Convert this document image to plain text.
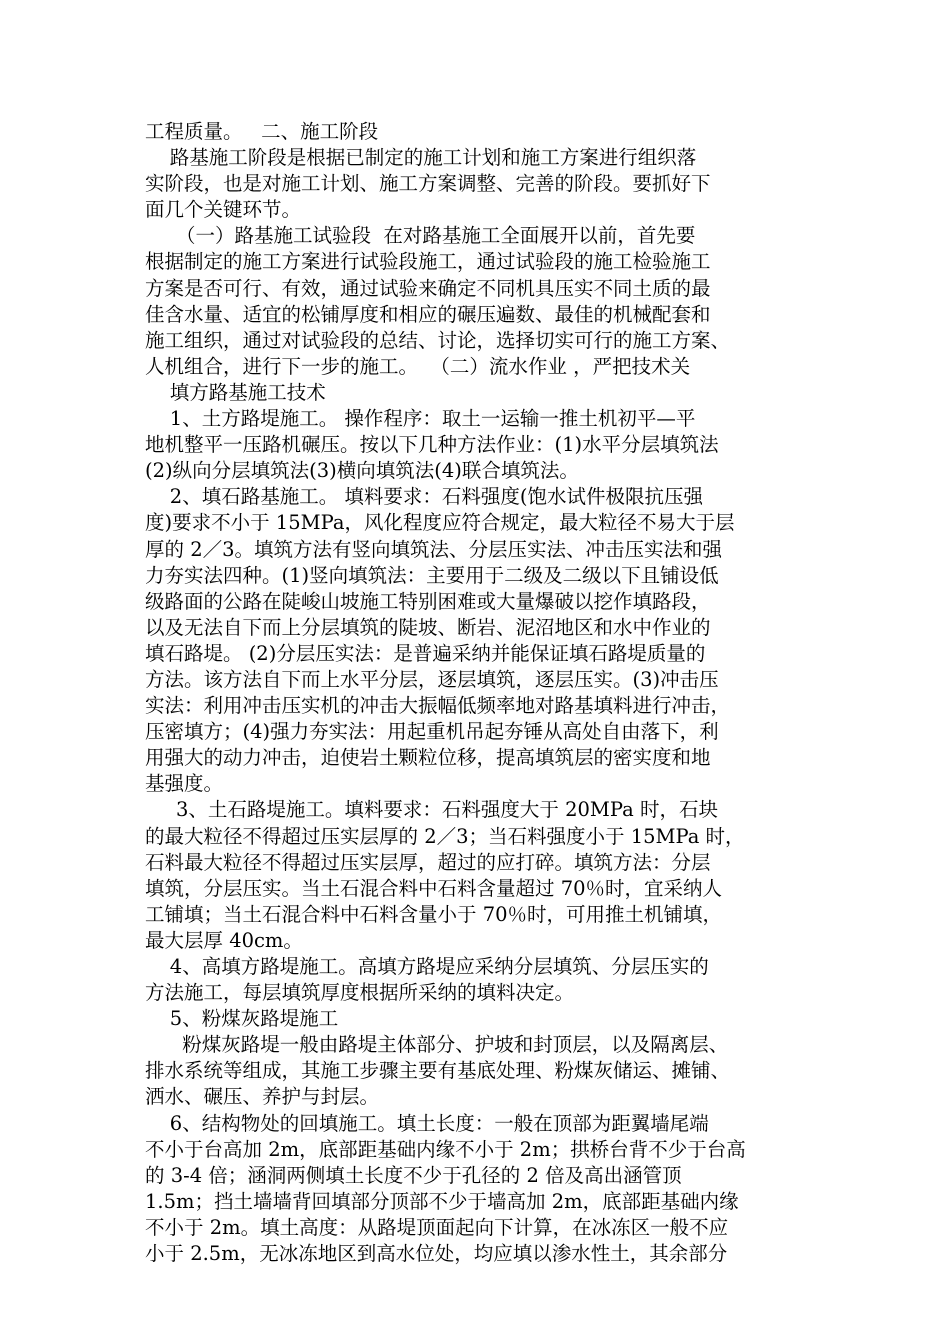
工程质量。   二、施工阶段
路基施工阶段是根据已制定的施工计划和施工方案进行组织落
实阶段，也是对施工计划、施工方案调整、完善的阶段。要抓好下
面几个关键环节。
（一）路基施工试验段  在对路基施工全面展开以前，首先要
根据制定的施工方案进行试验段施工，通过试验段的施工检验施工
方案是否可行、有效，通过试验来确定不同机具压实不同土质的最
佳含水量、适宜的松铺厚度和相应的碾压遍数、最佳的机械配套和
施工组织，通过对试验段的总结、讨论，选择切实可行的施工方案、
人机组合，进行下一步的施工。  （二）流水作业 ，严把技术关
填方路基施工技术
1、土方路堤施工。 操作程序：取土一运输一推土机初平—平
地机整平一压路机碾压。按以下几种方法作业：(1)水平分层填筑法
(2)纵向分层填筑法(3)横向填筑法(4)联合填筑法。
2、填石路基施工。 填料要求：石料强度(饱水试件极限抗压强
度)要求不小于 15MPa，风化程度应符合规定，最大粒径不易大于层
厚的 2／3。填筑方法有竖向填筑法、分层压实法、冲击压实法和强
力夯实法四种。(1)竖向填筑法：主要用于二级及二级以下且铺设低
级路面的公路在陡峻山坡施工特别困难或大量爆破以挖作填路段，
以及无法自下而上分层填筑的陡坡、断岩、泥沼地区和水中作业的
填石路堤。 (2)分层压实法：是普遍采纳并能保证填石路堤质量的
方法。该方法自下而上水平分层，逐层填筑，逐层压实。(3)冲击压
实法：利用冲击压实机的冲击大振幅低频率地对路基填料进行冲击，
压密填方；(4)强力夯实法：用起重机吊起夯锤从高处自由落下，利
用强大的动力冲击，迫使岩土颗粒位移，提高填筑层的密实度和地
基强度。
3、土石路堤施工。填料要求：石料强度大于 20MPa 时，石块
的最大粒径不得超过压实层厚的 2／3；当石料强度小于 15MPa 时，
石料最大粒径不得超过压实层厚，超过的应打碎。填筑方法：分层
填筑，分层压实。当土石混合料中石料含量超过 70％时，宜采纳人
工铺填；当土石混合料中石料含量小于 70％时，可用推土机铺填，
最大层厚 40cm。
4、高填方路堤施工。高填方路堤应采纳分层填筑、分层压实的
方法施工，每层填筑厚度根据所采纳的填料决定。
5、粉煤灰路堤施工
粉煤灰路堤一般由路堤主体部分、护坡和封顶层，以及隔离层、
排水系统等组成，其施工步骤主要有基底处理、粉煤灰储运、摊铺、
洒水、碾压、养护与封层。
6、结构物处的回填施工。填土长度：一般在顶部为距翼墙尾端
不小于台高加 2m，底部距基础内缘不小于 2m；拱桥台背不少于台高
的 3-4 倍；涵洞两侧填土长度不少于孔径的 2 倍及高出涵管顶
1.5m；挡土墙墙背回填部分顶部不少于墙高加 2m，底部距基础内缘
不小于 2m。填土高度：从路堤顶面起向下计算，在冰冻区一般不应
小于 2.5m，无冰冻地区到高水位处，均应填以渗水性土，其余部分
